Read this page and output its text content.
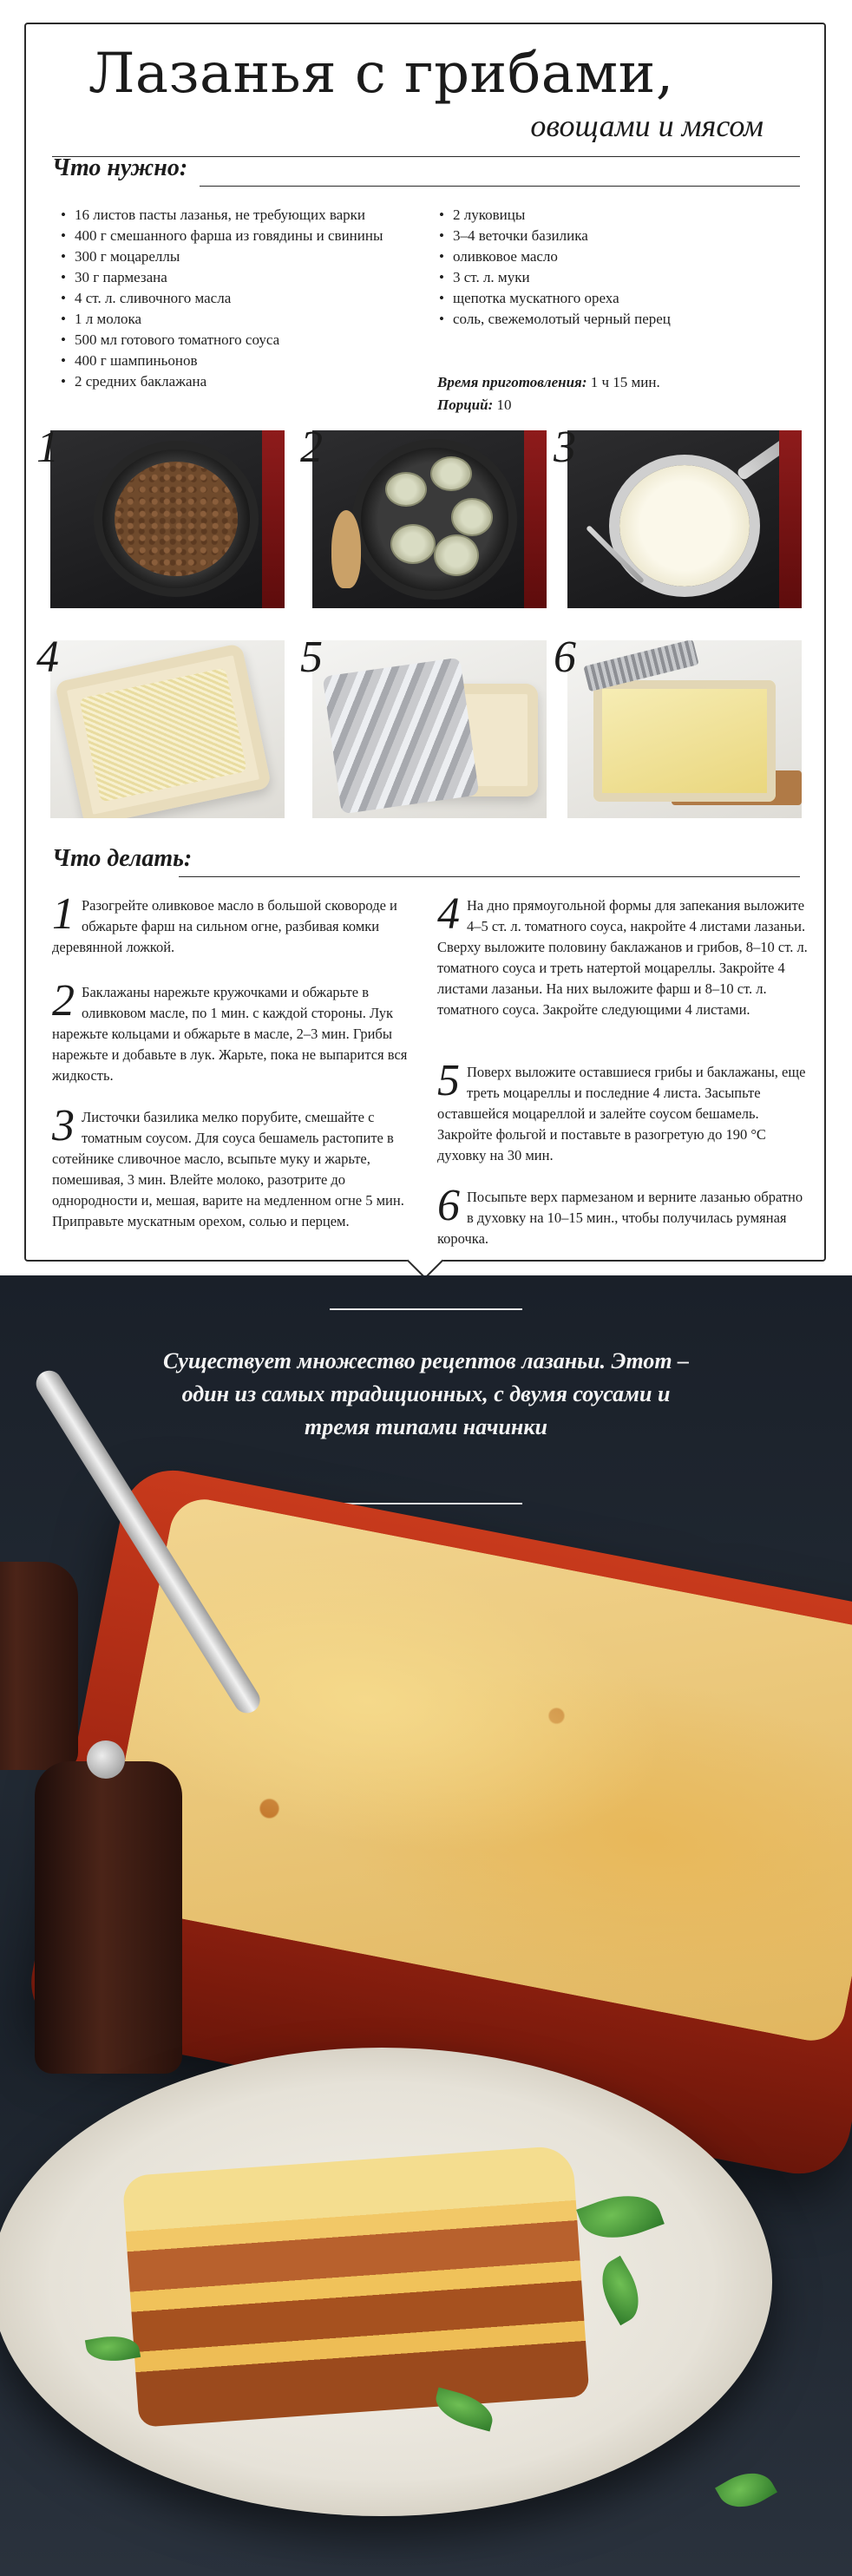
Лазанья с грибами,
овощами и мясом
Что нужно:
• 16 листов пасты лазанья, не требующих варки
• 400 г смешанного фарша из говядины и свинины
• 300 г моцареллы
• 30 г пармезана
• 4 ст. л. сливочного масла
• 1 л молока
• 500 мл готового томатного соуса
• 400 г шампиньонов
• 2 средних баклажана
• 2 луковицы
• 3–4 веточки базилика
• оливковое масло
• 3 ст. л. муки
• щепотка мускатного ореха
• соль, свежемолотый черный перец
Время приготовления: 1 ч 15 мин.
Порций: 10
1	2	3
4	5	6
Что делать:
1 Разогрейте оливковое масло в большой сковороде и обжарьте фарш на сильном огне, разбивая комки деревянной ложкой.
2 Баклажаны нарежьте кружочками и обжарьте в оливковом масле, по 1 мин. с каждой стороны. Лук нарежьте кольцами и обжарьте в масле, 2–3 мин. Грибы нарежьте и добавьте в лук. Жарьте, пока не выпарится вся жидкость.
3 Листочки базилика мелко порубите, смешайте с томатным соусом. Для соуса бешамель растопите в сотейнике сливочное масло, всыпьте муку и жарьте, помешивая, 3 мин. Влейте молоко, разотрите до однородности и, мешая, варите на медленном огне 5 мин. Приправьте мускатным орехом, солью и перцем.
4 На дно прямоугольной формы для запекания выложите 4–5 ст. л. томатного соуса, накройте 4 листами лазаньи. Сверху выложите половину баклажанов и грибов, 8–10 ст. л. томатного соуса и треть натертой моцареллы. Закройте 4 листами лазаньи. На них выложите фарш и 8–10 ст. л. томатного соуса. Закройте следующими 4 листами.
5 Поверх выложите оставшиеся грибы и баклажаны, еще треть моцареллы и последние 4 листа. Засыпьте оставшейся моцареллой и залейте соусом бешамель. Закройте фольгой и поставьте в разогретую до 190 °C духовку на 30 мин.
6 Посыпьте верх пармезаном и верните лазанью обратно в духовку на 10–15 мин., чтобы получилась румяная корочка.
Существует множество рецептов лазаньи. Этот – один из самых традиционных, с двумя соусами и тремя типами начинки
